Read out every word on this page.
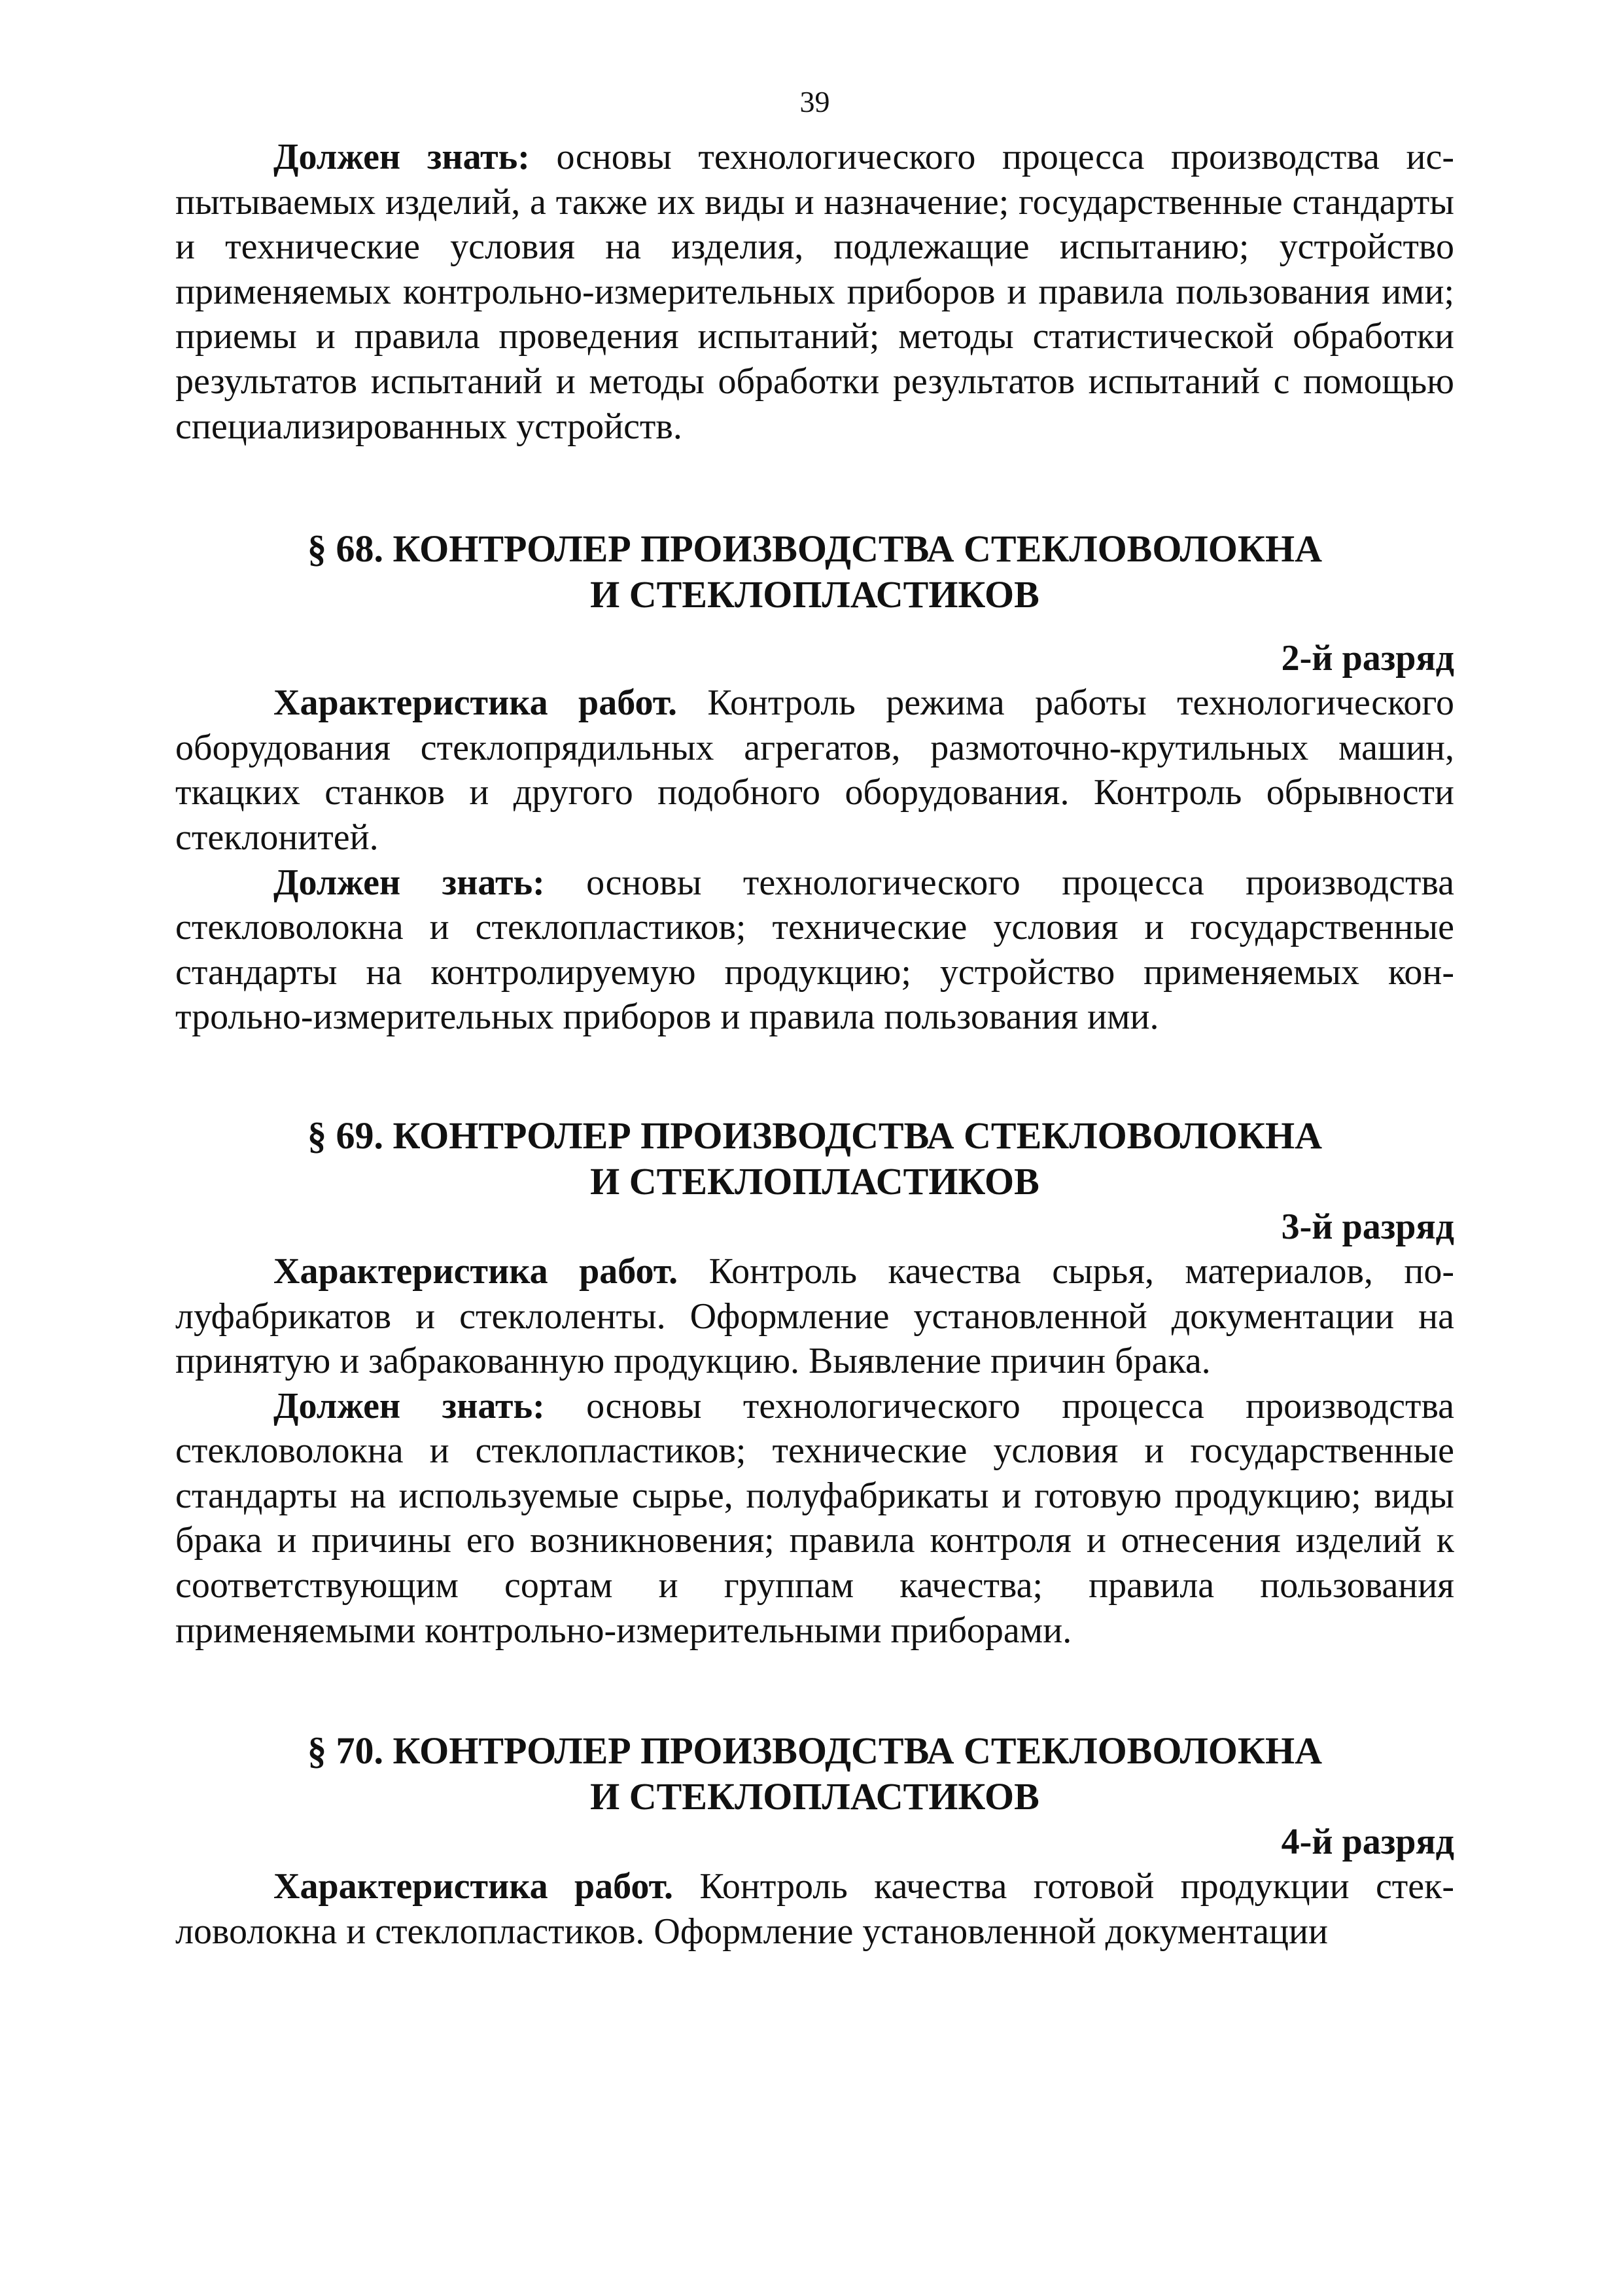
39

Должен знать: основы технологического процесса производства испытываемых изделий, а также их виды и назначение; государственные стандарты и технические условия на изделия, подлежащие испытанию; устройство применяемых контрольно-измерительных приборов и правила пользования ими; приемы и правила проведения испытаний; методы статистической обработки результатов испытаний и методы обработки результатов испытаний с помощью специализированных устройств.

§ 68. КОНТРОЛЕР ПРОИЗВОДСТВА СТЕКЛОВОЛОКНА
И СТЕКЛОПЛАСТИКОВ
2-й разряд

Характеристика работ. Контроль режима работы технологического оборудования стеклопрядильных агрегатов, размоточно-крутильных машин, ткацких станков и другого подобного оборудования. Контроль обрывности стеклонитей.

Должен знать: основы технологического процесса производства стекловолокна и стеклопластиков; технические условия и государственные стандарты на контролируемую продукцию; устройство применяемых контрольно-измерительных приборов и правила пользования ими.

§ 69. КОНТРОЛЕР ПРОИЗВОДСТВА СТЕКЛОВОЛОКНА
И СТЕКЛОПЛАСТИКОВ
3-й разряд

Характеристика работ. Контроль качества сырья, материалов, полуфабрикатов и стеклоленты. Оформление установленной документации на принятую и забракованную продукцию. Выявление причин брака.

Должен знать: основы технологического процесса производства стекловолокна и стеклопластиков; технические условия и государственные стандарты на используемые сырье, полуфабрикаты и готовую продукцию; виды брака и причины его возникновения; правила контроля и отнесения изделий к соответствующим сортам и группам качества; правила пользования применяемыми контрольно-измерительными приборами.

§ 70. КОНТРОЛЕР ПРОИЗВОДСТВА СТЕКЛОВОЛОКНА
И СТЕКЛОПЛАСТИКОВ
4-й разряд

Характеристика работ. Контроль качества готовой продукции стекловолокна и стеклопластиков. Оформление установленной документации
